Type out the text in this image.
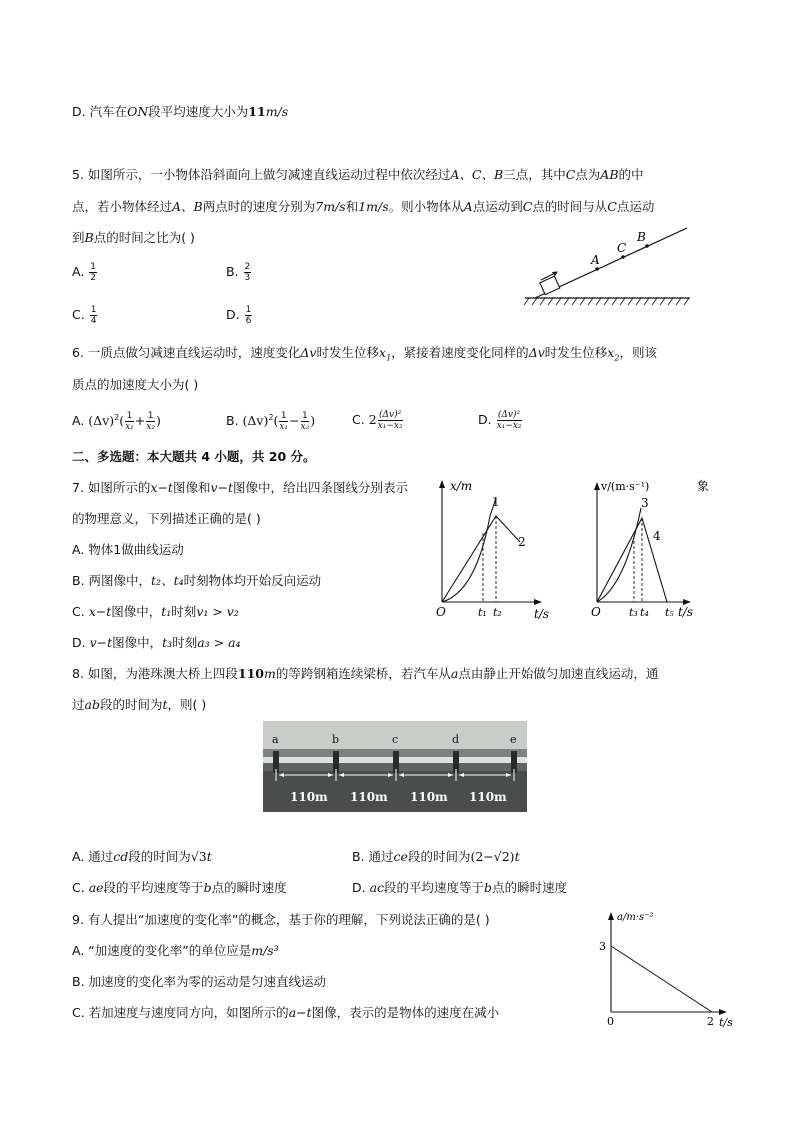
D. 汽车在ON段平均速度大小为11m/s
5. 如图所示，一小物体沿斜面向上做匀减速直线运动过程中依次经过A、C、B三点，其中C点为AB的中
点，若小物体经过A、B两点时的速度分别为7m/s和1m/s。则小物体从A点运动到C点的时间与从C点运动
到B点的时间之比为( )
A. $\frac{1}{2}$	B. $\frac{2}{3}$
C. $\frac{1}{4}$	D. $\frac{1}{6}$
A
C
B
6. 一质点做匀减速直线运动时，速度变化Δv时发生位移$x_1$，紧接着速度变化同样的Δv时发生位移$x_2$，则该
质点的加速度大小为( )
A. $(\Delta v)^2( \frac{1}{\text{x₁}} + \frac{1}{\text{x₂}}$ )	B. $(\Delta v)^2( \frac{1}{\text{x₁}} - \frac{1}{\text{x₂}}$ )	C. $2 \frac{\text{(Δv)²}}{\text{x₁−x₂}}$	D. $\frac{\text{(Δv)²}}{\text{x₁−x₂}}$
二、多选题：本大题共 4 小题，共 20 分。
7. 如图所示的x−t图像和v−t图像中，给出四条图线分别表示
的物理意义，下列描述正确的是( )
A. 物体1做曲线运动
B. 两图像中，t₂、t₄时刻物体均开始反向运动
C. x−t图像中，t₁时刻v₁ > v₂
D. v−t图像中，t₃时刻a₃ > a₄
x/m
1
2
O	t₁ t₂	t/s
v/(m·s⁻¹)	象
3
4
O	t₃ t₄ t₅ t/s
8. 如图，为港珠澳大桥上四段110m的等跨钢箱连续梁桥，若汽车从a点由静止开始做匀加速直线运动，通
过ab段的时间为t，则( )
a	b	c	d	e
110m 110m 110m 110m
A. 通过cd段的时间为√3t	B. 通过ce段的时间为(2−√2)t
C. ae段的平均速度等于b点的瞬时速度	D. ac段的平均速度等于b点的瞬时速度
9. 有人提出“加速度的变化率”的概念，基于你的理解，下列说法正确的是( )
A. “加速度的变化率”的单位应是m/s³
B. 加速度的变化率为零的运动是匀速直线运动
C. 若加速度与速度同方向，如图所示的a−t图像，表示的是物体的速度在减小
a/m·s⁻²
3
0	2 t/s
